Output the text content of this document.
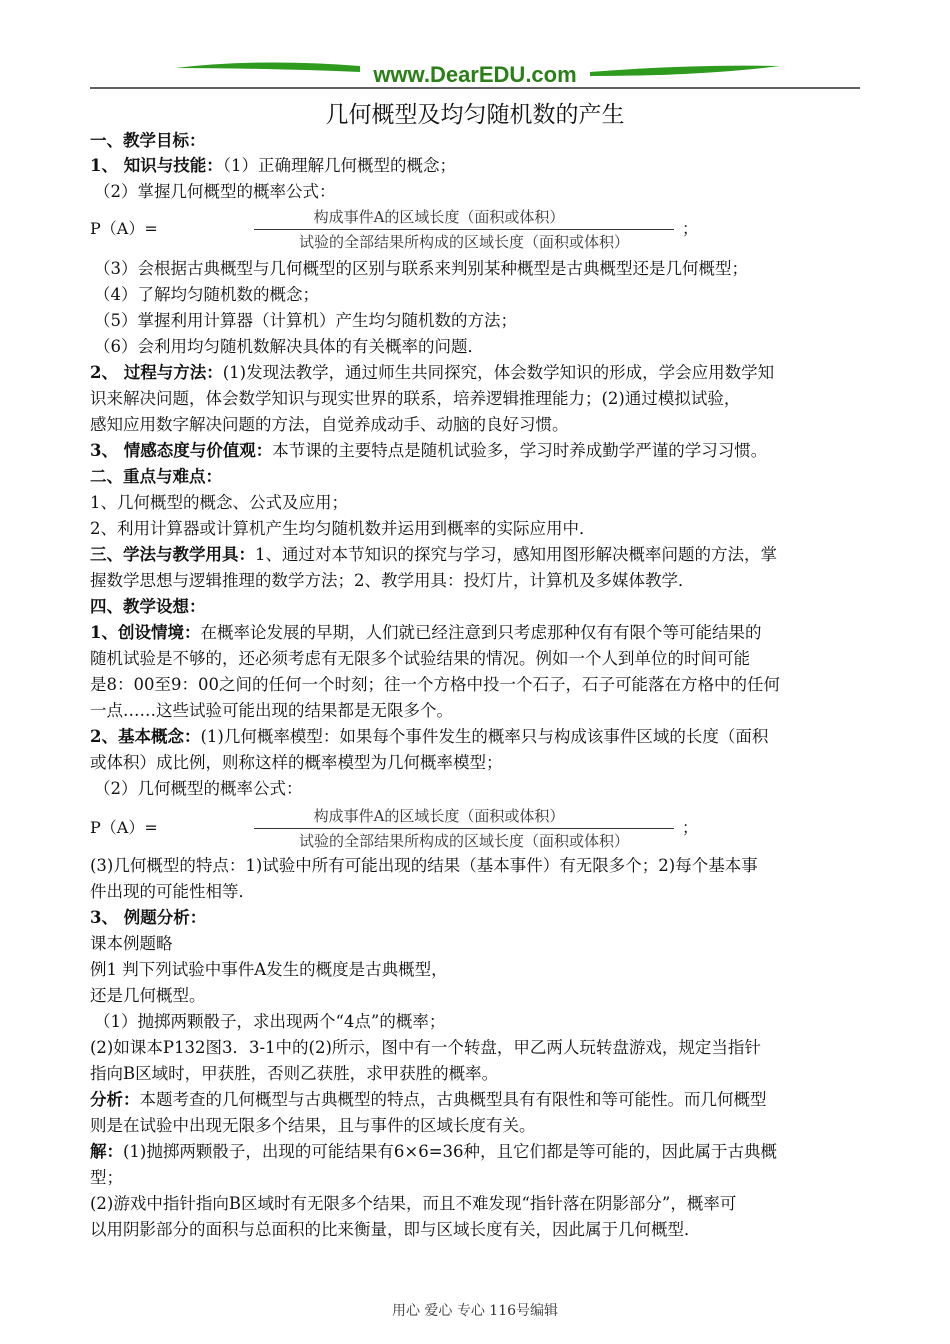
www.DearEDU.com
几何概型及均匀随机数的产生
一、教学目标：
1、 知识与技能：（1）正确理解几何概型的概念；
（2）掌握几何概型的概率公式：
（3）会根据古典概型与几何概型的区别与联系来判别某种概型是古典概型还是几何概型；
（4）了解均匀随机数的概念；
（5）掌握利用计算器（计算机）产生均匀随机数的方法；
（6）会利用均匀随机数解决具体的有关概率的问题．
2、 过程与方法：(1)发现法教学，通过师生共同探究，体会数学知识的形成，学会应用数学知
识来解决问题，体会数学知识与现实世界的联系，培养逻辑推理能力；(2)通过模拟试验，
感知应用数字解决问题的方法，自觉养成动手、动脑的良好习惯。
3、 情感态度与价值观：本节课的主要特点是随机试验多，学习时养成勤学严谨的学习习惯。
二、重点与难点：
1、几何概型的概念、公式及应用；
2、利用计算器或计算机产生均匀随机数并运用到概率的实际应用中．
三、学法与教学用具：1、通过对本节知识的探究与学习，感知用图形解决概率问题的方法，掌
握数学思想与逻辑推理的数学方法；2、教学用具：投灯片，计算机及多媒体教学．
四、教学设想：
1、创设情境：在概率论发展的早期，人们就已经注意到只考虑那种仅有有限个等可能结果的
随机试验是不够的，还必须考虑有无限多个试验结果的情况。例如一个人到单位的时间可能
是8：00至9：00之间的任何一个时刻；往一个方格中投一个石子，石子可能落在方格中的任何
一点……这些试验可能出现的结果都是无限多个。
2、基本概念：(1)几何概率模型：如果每个事件发生的概率只与构成该事件区域的长度（面积
或体积）成比例，则称这样的概率模型为几何概率模型；
（2）几何概型的概率公式：
(3)几何概型的特点：1)试验中所有可能出现的结果（基本事件）有无限多个；2)每个基本事
件出现的可能性相等．
3、 例题分析：
课本例题略
例1 判下列试验中事件A发生的概度是古典概型，
还是几何概型。
（1）抛掷两颗骰子，求出现两个“4点”的概率；
(2)如课本P132图3．3-1中的(2)所示，图中有一个转盘，甲乙两人玩转盘游戏，规定当指针
指向B区域时，甲获胜，否则乙获胜，求甲获胜的概率。
分析：本题考查的几何概型与古典概型的特点，古典概型具有有限性和等可能性。而几何概型
则是在试验中出现无限多个结果，且与事件的区域长度有关。
解：(1)抛掷两颗骰子，出现的可能结果有6×6=36种，且它们都是等可能的，因此属于古典概
型；
(2)游戏中指针指向B区域时有无限多个结果，而且不难发现“指针落在阴影部分”，概率可
以用阴影部分的面积与总面积的比来衡量，即与区域长度有关，因此属于几何概型．
P（A）=
构成事件A的区域长度（面积或体积）
试验的全部结果所构成的区域长度（面积或体积）
；
P（A）=
构成事件A的区域长度（面积或体积）
试验的全部结果所构成的区域长度（面积或体积）
；
用心 爱心 专心 116号编辑
